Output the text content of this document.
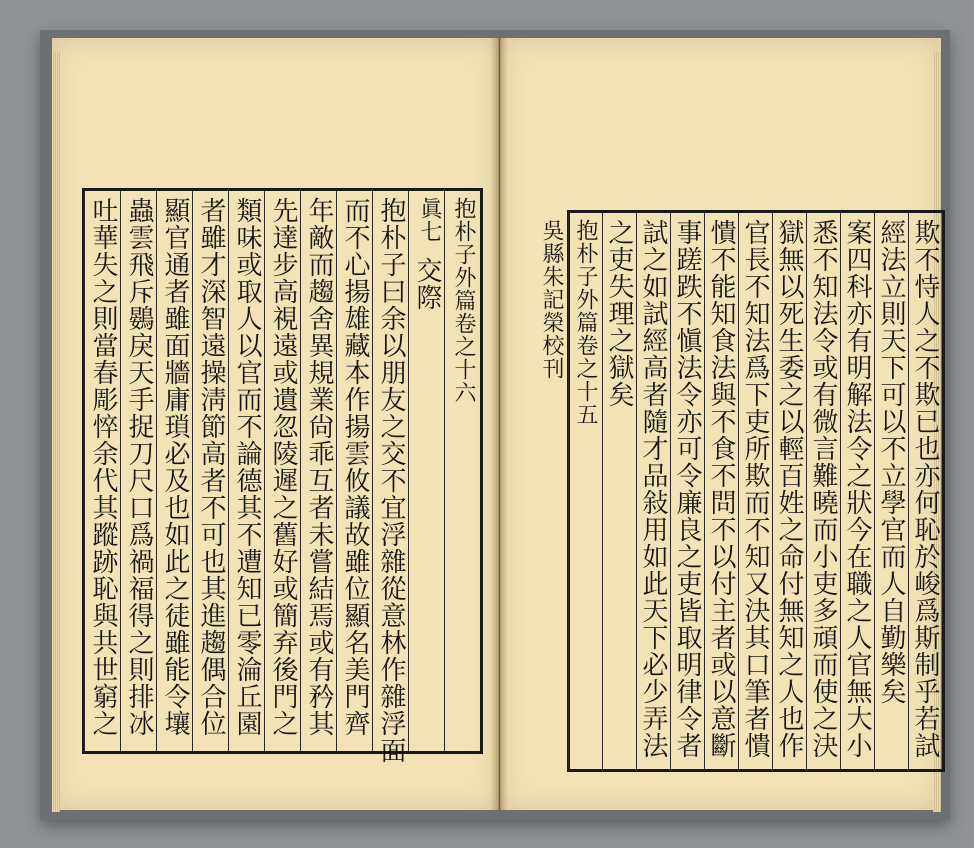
抱朴子外篇卷之十六
眞七
交際
抱朴子曰余以朋友之交不宜浮雜從意林作雜浮面
而不心揚雄藏本作揚雲攸議故雖位顯名美門齊
年敵而趨舍異規業尙乖互者未嘗結焉或有矜其
先達步高視遠或遺忽陵遲之舊好或簡弃後門之
類味或取人以官而不論德其不遭知已零淪丘園
者雖才深智遠操淸節高者不可也其進趨偶合位
顯官通者雖面牆庸瑣必及也如此之徒雖能令壤
蟲雲飛斥鷃戾天手捉刀尺口爲禍福得之則排冰
吐華失之則當春彫悴余代其蹤跡恥與共世窮之	欺不恃人之不欺已也亦何恥於峻爲斯制乎若試
經法立則天下可以不立學官而人自勤樂矣
案四科亦有明解法令之狀今在職之人官無大小
悉不知法令或有微言難曉而小吏多頑而使之決
獄無以死生委之以輕百姓之命付無知之人也作
官長不知法爲下吏所欺而不知又決其口筆者憒
憒不能知食法與不食不問不以付主者或以意斷
事蹉跌不愼法令亦可令廉良之吏皆取明律令者
試之如試經高者隨才品敍用如此天下必少弄法
之吏失理之獄矣
抱朴子外篇卷之十五
吳縣朱記榮校刊
